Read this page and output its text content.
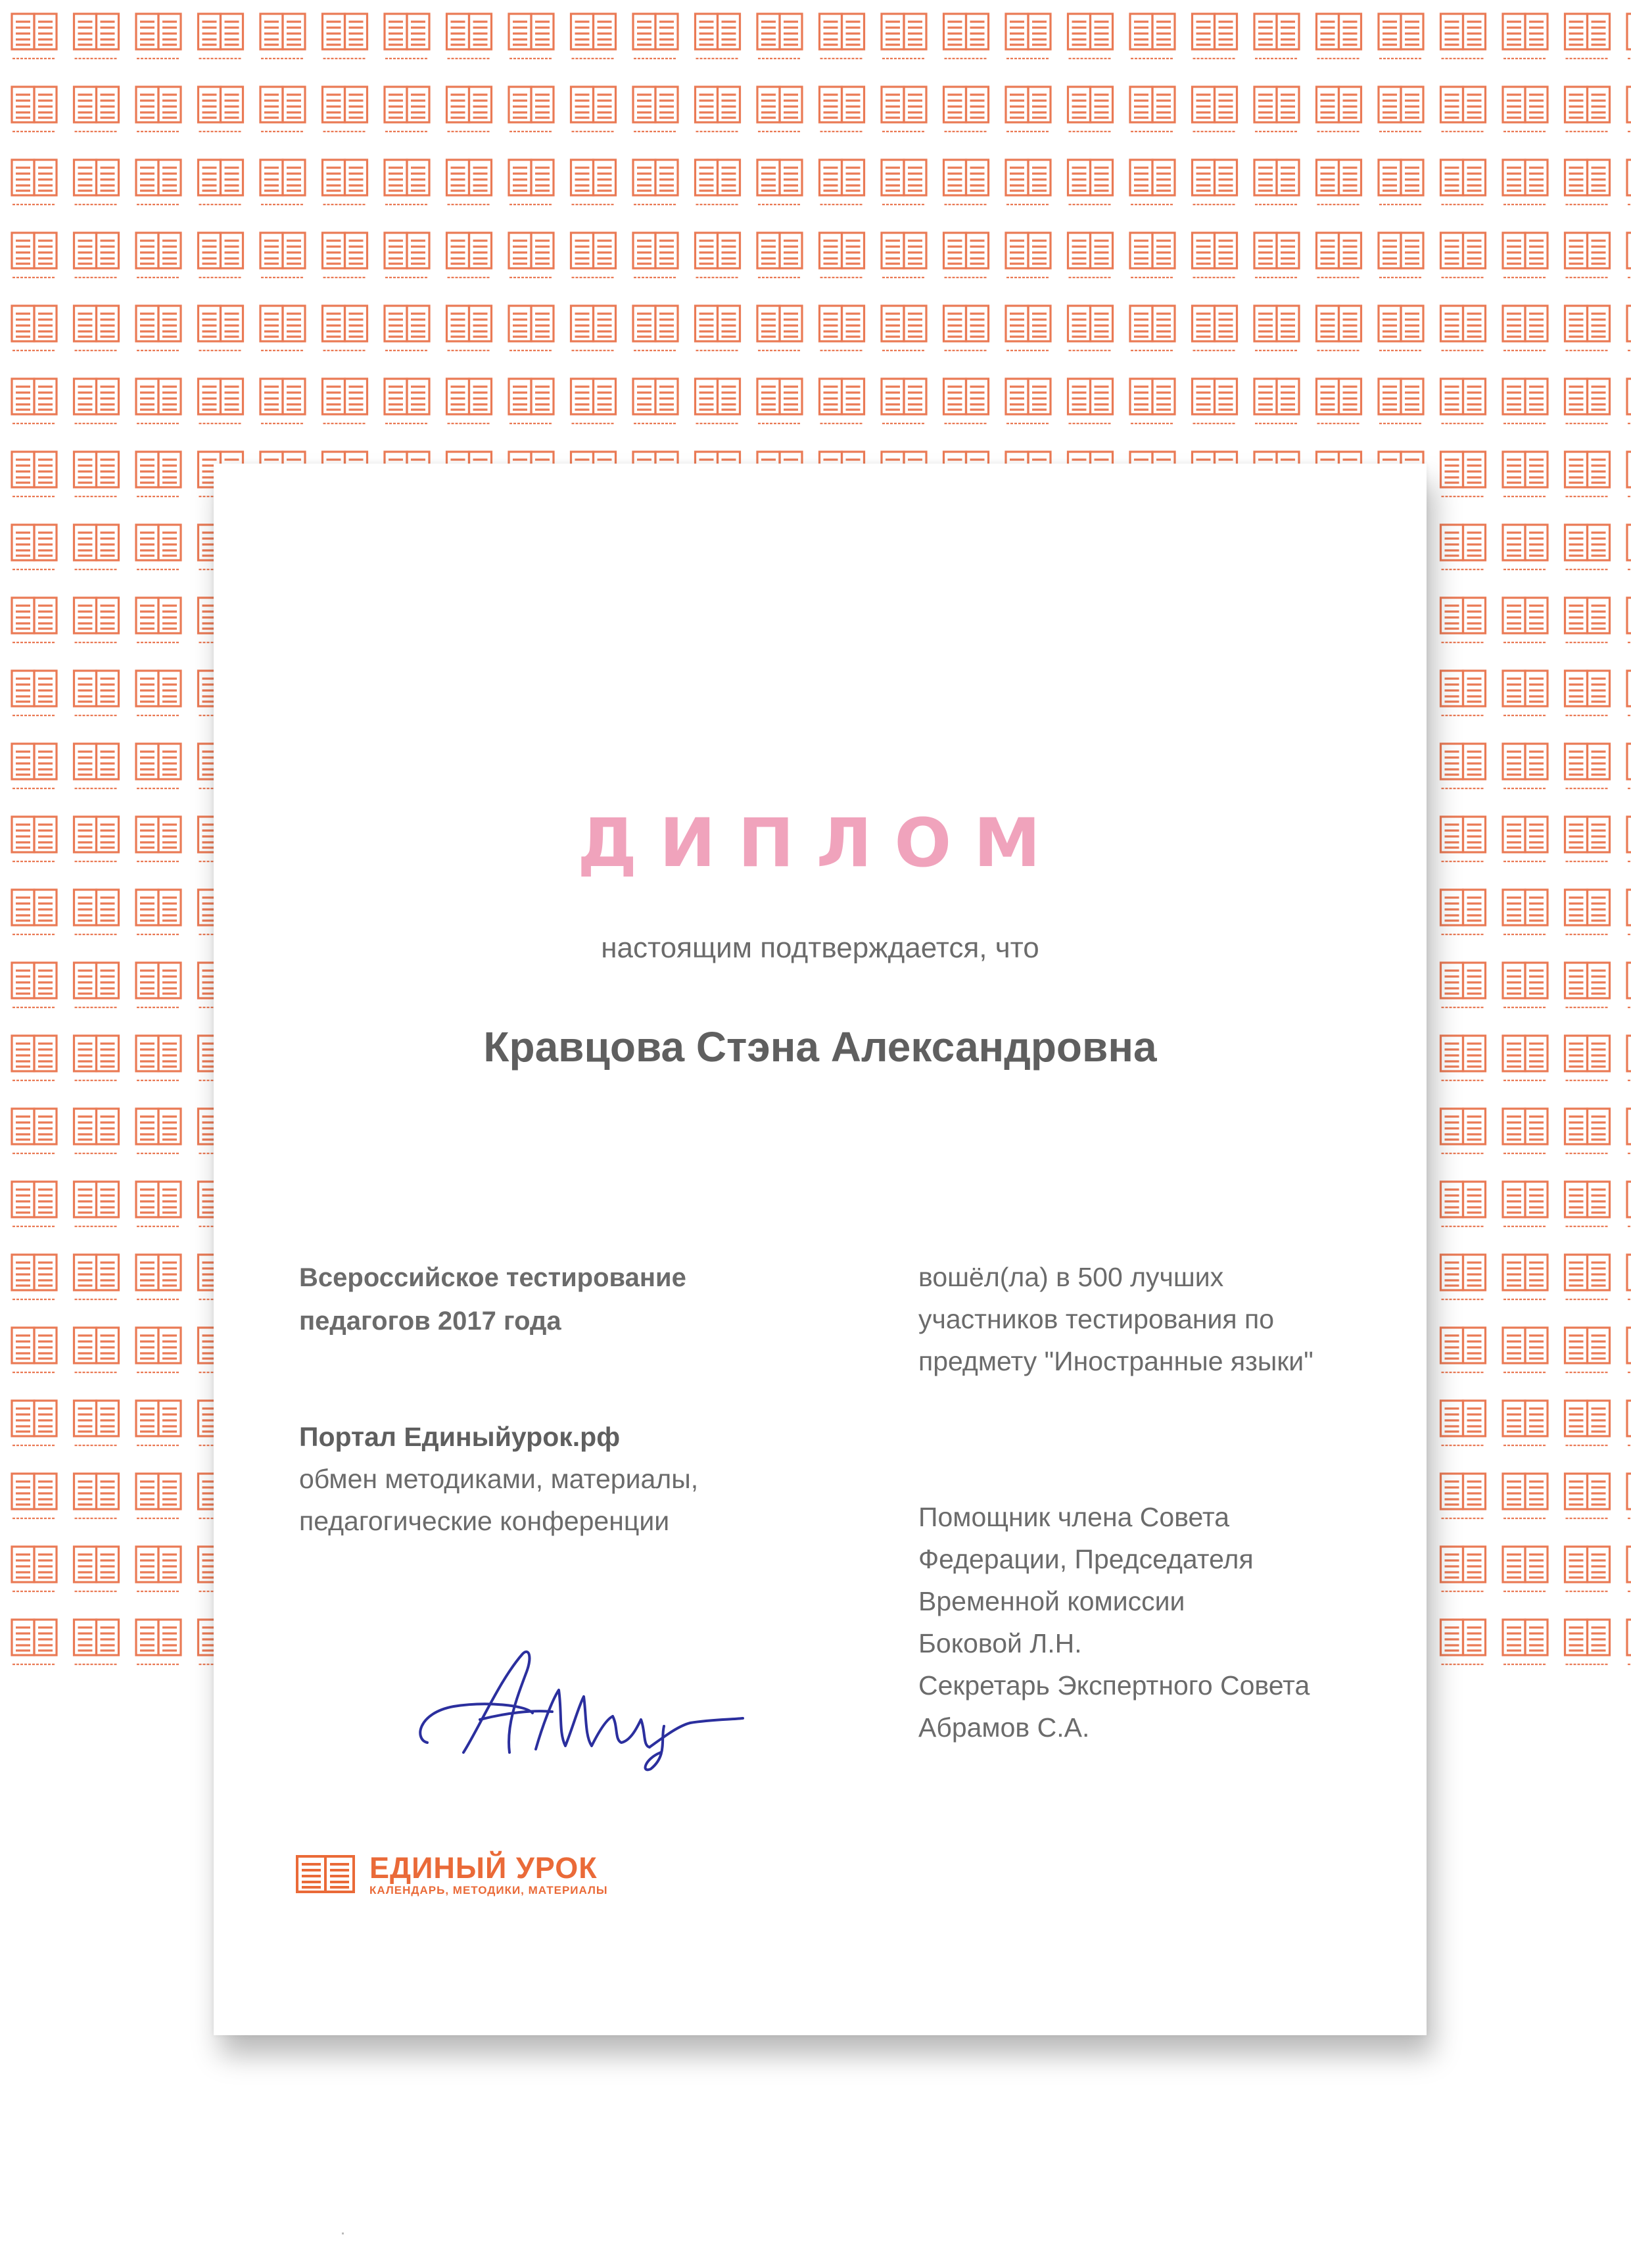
ДИПЛОМ

настоящим подтверждается, что

Кравцова Стэна Александровна

Всероссийское тестирование
педагогов 2017 года
вошёл(ла) в 500 лучших
участников тестирования по
предмету "Иностранные языки"

Портал Единыйурок.рф

обмен методиками, материалы,
педагогические конференции	Помощник члена Совета
Федерации, Председателя
Временной комиссии
Боковой Л.Н.
Секретарь Экспертного Совета
Абрамов С.А.
ЕДИНЫЙ УРОК
КАЛЕНДАРЬ, МЕТОДИКИ, МАТЕРИАЛЫ
